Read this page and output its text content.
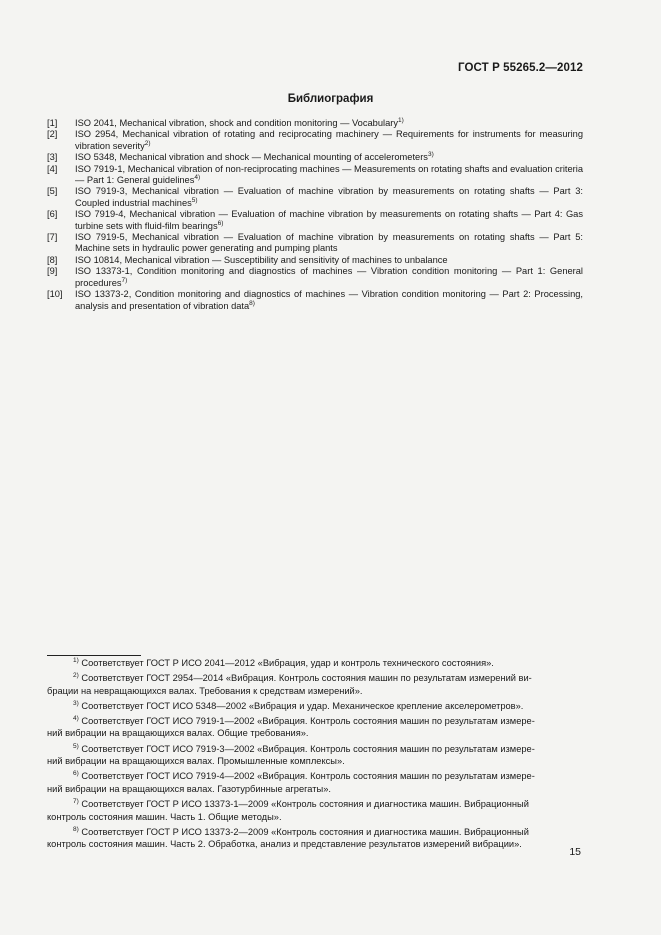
ГОСТ Р 55265.2—2012
Библиография
[1]	ISO 2041, Mechanical vibration, shock and condition monitoring — Vocabulary$^{1)}$
[2]	ISO 2954, Mechanical vibration of rotating and reciprocating machinery — Requirements for instruments for measuring vibration severity$^{2)}$
[3]	ISO 5348, Mechanical vibration and shock — Mechanical mounting of accelerometers$^{3)}$
[4]	ISO 7919-1, Mechanical vibration of non-reciprocating machines — Measurements on rotating shafts and evaluation criteria — Part 1: General guidelines$^{4)}$
[5]	ISO 7919-3, Mechanical vibration — Evaluation of machine vibration by measurements on rotating shafts — Part 3: Coupled industrial machines$^{5)}$
[6]	ISO 7919-4, Mechanical vibration — Evaluation of machine vibration by measurements on rotating shafts — Part 4: Gas turbine sets with fluid-film bearings$^{6)}$
[7]	ISO 7919-5, Mechanical vibration — Evaluation of machine vibration by measurements on rotating shafts — Part 5: Machine sets in hydraulic power generating and pumping plants
[8]	ISO 10814, Mechanical vibration — Susceptibility and sensitivity of machines to unbalance
[9]	ISO 13373-1, Condition monitoring and diagnostics of machines — Vibration condition monitoring — Part 1: General procedures$^{7)}$
[10]	ISO 13373-2, Condition monitoring and diagnostics of machines — Vibration condition monitoring — Part 2: Processing, analysis and presentation of vibration data$^{8)}$
$^{1)}$ Соответствует ГОСТ Р ИСО 2041—2012 «Вибрация, удар и контроль технического состояния».
$^{2)}$ Соответствует ГОСТ 2954—2014 «Вибрация. Контроль состояния машин по результатам измерений ви-
брации на невращающихся валах. Требования к средствам измерений».
$^{3)}$ Соответствует ГОСТ ИСО 5348—2002 «Вибрация и удар. Механическое крепление акселерометров».
$^{4)}$ Соответствует ГОСТ ИСО 7919-1—2002 «Вибрация. Контроль состояния машин по результатам измере-
ний вибрации на вращающихся валах. Общие требования».
$^{5)}$ Соответствует ГОСТ ИСО 7919-3—2002 «Вибрация. Контроль состояния машин по результатам измере-
ний вибрации на вращающихся валах. Промышленные комплексы».
$^{6)}$ Соответствует ГОСТ ИСО 7919-4—2002 «Вибрация. Контроль состояния машин по результатам измере-
ний вибрации на вращающихся валах. Газотурбинные агрегаты».
$^{7)}$ Соответствует ГОСТ Р ИСО 13373-1—2009 «Контроль состояния и диагностика машин. Вибрационный
контроль состояния машин. Часть 1. Общие методы».
$^{8)}$ Соответствует ГОСТ Р ИСО 13373-2—2009 «Контроль состояния и диагностика машин. Вибрационный
контроль состояния машин. Часть 2. Обработка, анализ и представление результатов измерений вибрации».
15
